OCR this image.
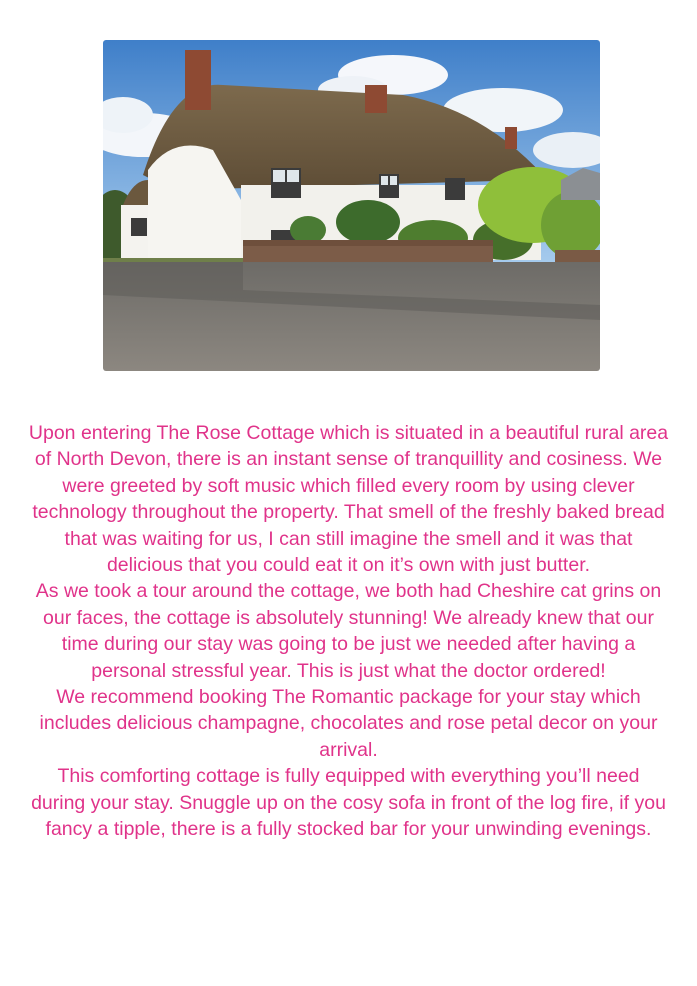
Upon entering The Rose Cottage which is situated in a beautiful rural area of North Devon, there is an instant sense of tranquillity and cosiness. We were greeted by soft music which filled every room by using clever technology throughout the property. That smell of the freshly baked bread that was waiting for us, I can still imagine the smell and it was that delicious that you could eat it on it’s own with just butter.

As we took a tour around the cottage, we both had Cheshire cat grins on our faces, the cottage is absolutely stunning! We already knew that our time during our stay was going to be just we needed after having a personal stressful year. This is just what the doctor ordered!

We recommend booking The Romantic package for your stay which includes delicious champagne, chocolates and rose petal decor on your arrival.

This comforting cottage is fully equipped with everything you’ll need during your stay. Snuggle up on the cosy sofa in front of the log fire, if you fancy a tipple, there is a fully stocked bar for your unwinding evenings.
